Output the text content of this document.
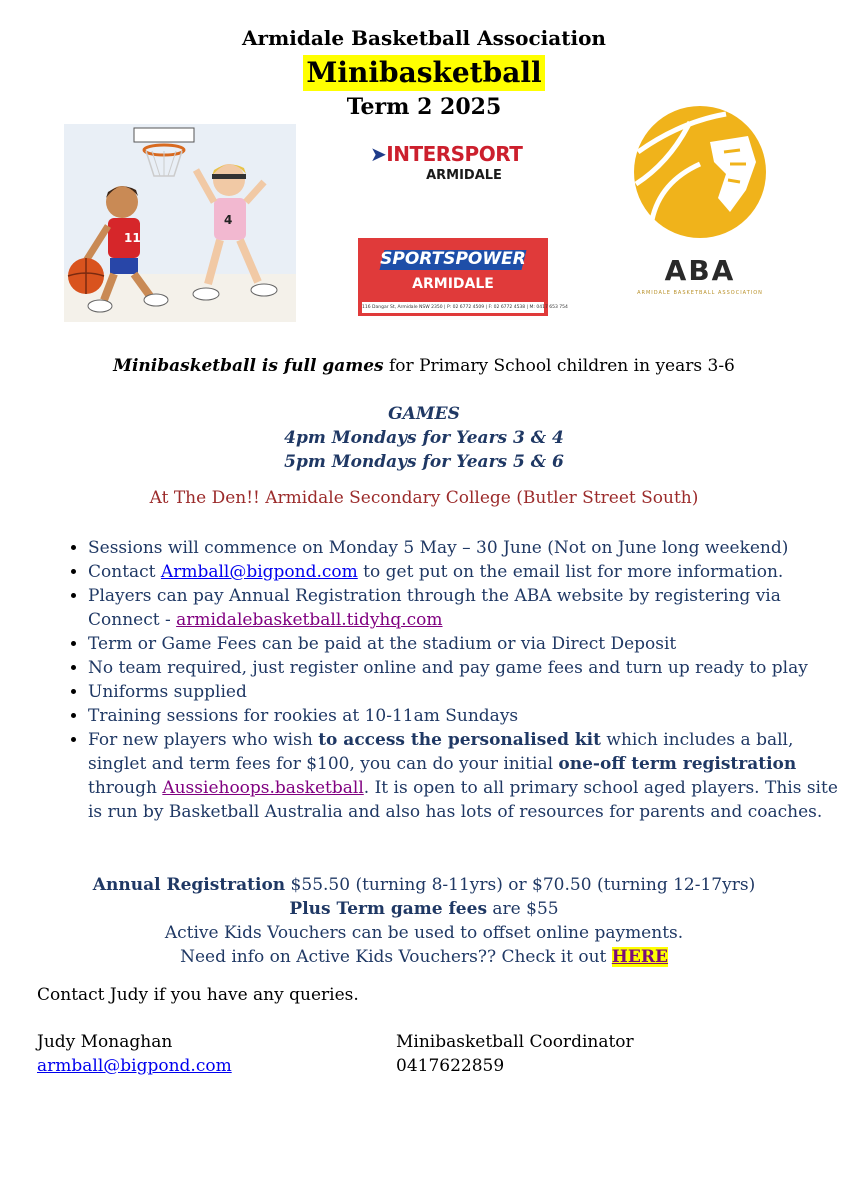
Armidale Basketball Association
Minibasketball
Term 2 2025
11
4
➤INTERSPORT
ARMIDALE
SPORTSPOWER
ARMIDALE
116 Dangar St, Armidale NSW 2350 | P: 02 6772 4509 | F: 02 6772 4538 | M: 0417 653 754
ABA
ARMIDALE BASKETBALL ASSOCIATION
Minibasketball is full games for Primary School children in years 3-6
GAMES
4pm Mondays for Years 3 & 4
5pm Mondays for Years 5 & 6
At The Den!! Armidale Secondary College (Butler Street South)
• Sessions will commence on Monday 5 May – 30 June (Not on June long weekend)
• Contact Armball@bigpond.com to get put on the email list for more information.
• Players can pay Annual Registration through the ABA website by registering via Connect - armidalebasketball.tidyhq.com
• Term or Game Fees can be paid at the stadium or via Direct Deposit
• No team required, just register online and pay game fees and turn up ready to play
• Uniforms supplied
• Training sessions for rookies at 10-11am Sundays
• For new players who wish to access the personalised kit which includes a ball, singlet and term fees for $100, you can do your initial one-off term registration through Aussiehoops.basketball. It is open to all primary school aged players. This site is run by Basketball Australia and also has lots of resources for parents and coaches.
Annual Registration $55.50 (turning 8-11yrs) or $70.50 (turning 12-17yrs)
Plus Term game fees are $55
Active Kids Vouchers can be used to offset online payments.
Need info on Active Kids Vouchers?? Check it out HERE
Contact Judy if you have any queries.
Judy Monaghan
armball@bigpond.com
Minibasketball Coordinator
0417622859
